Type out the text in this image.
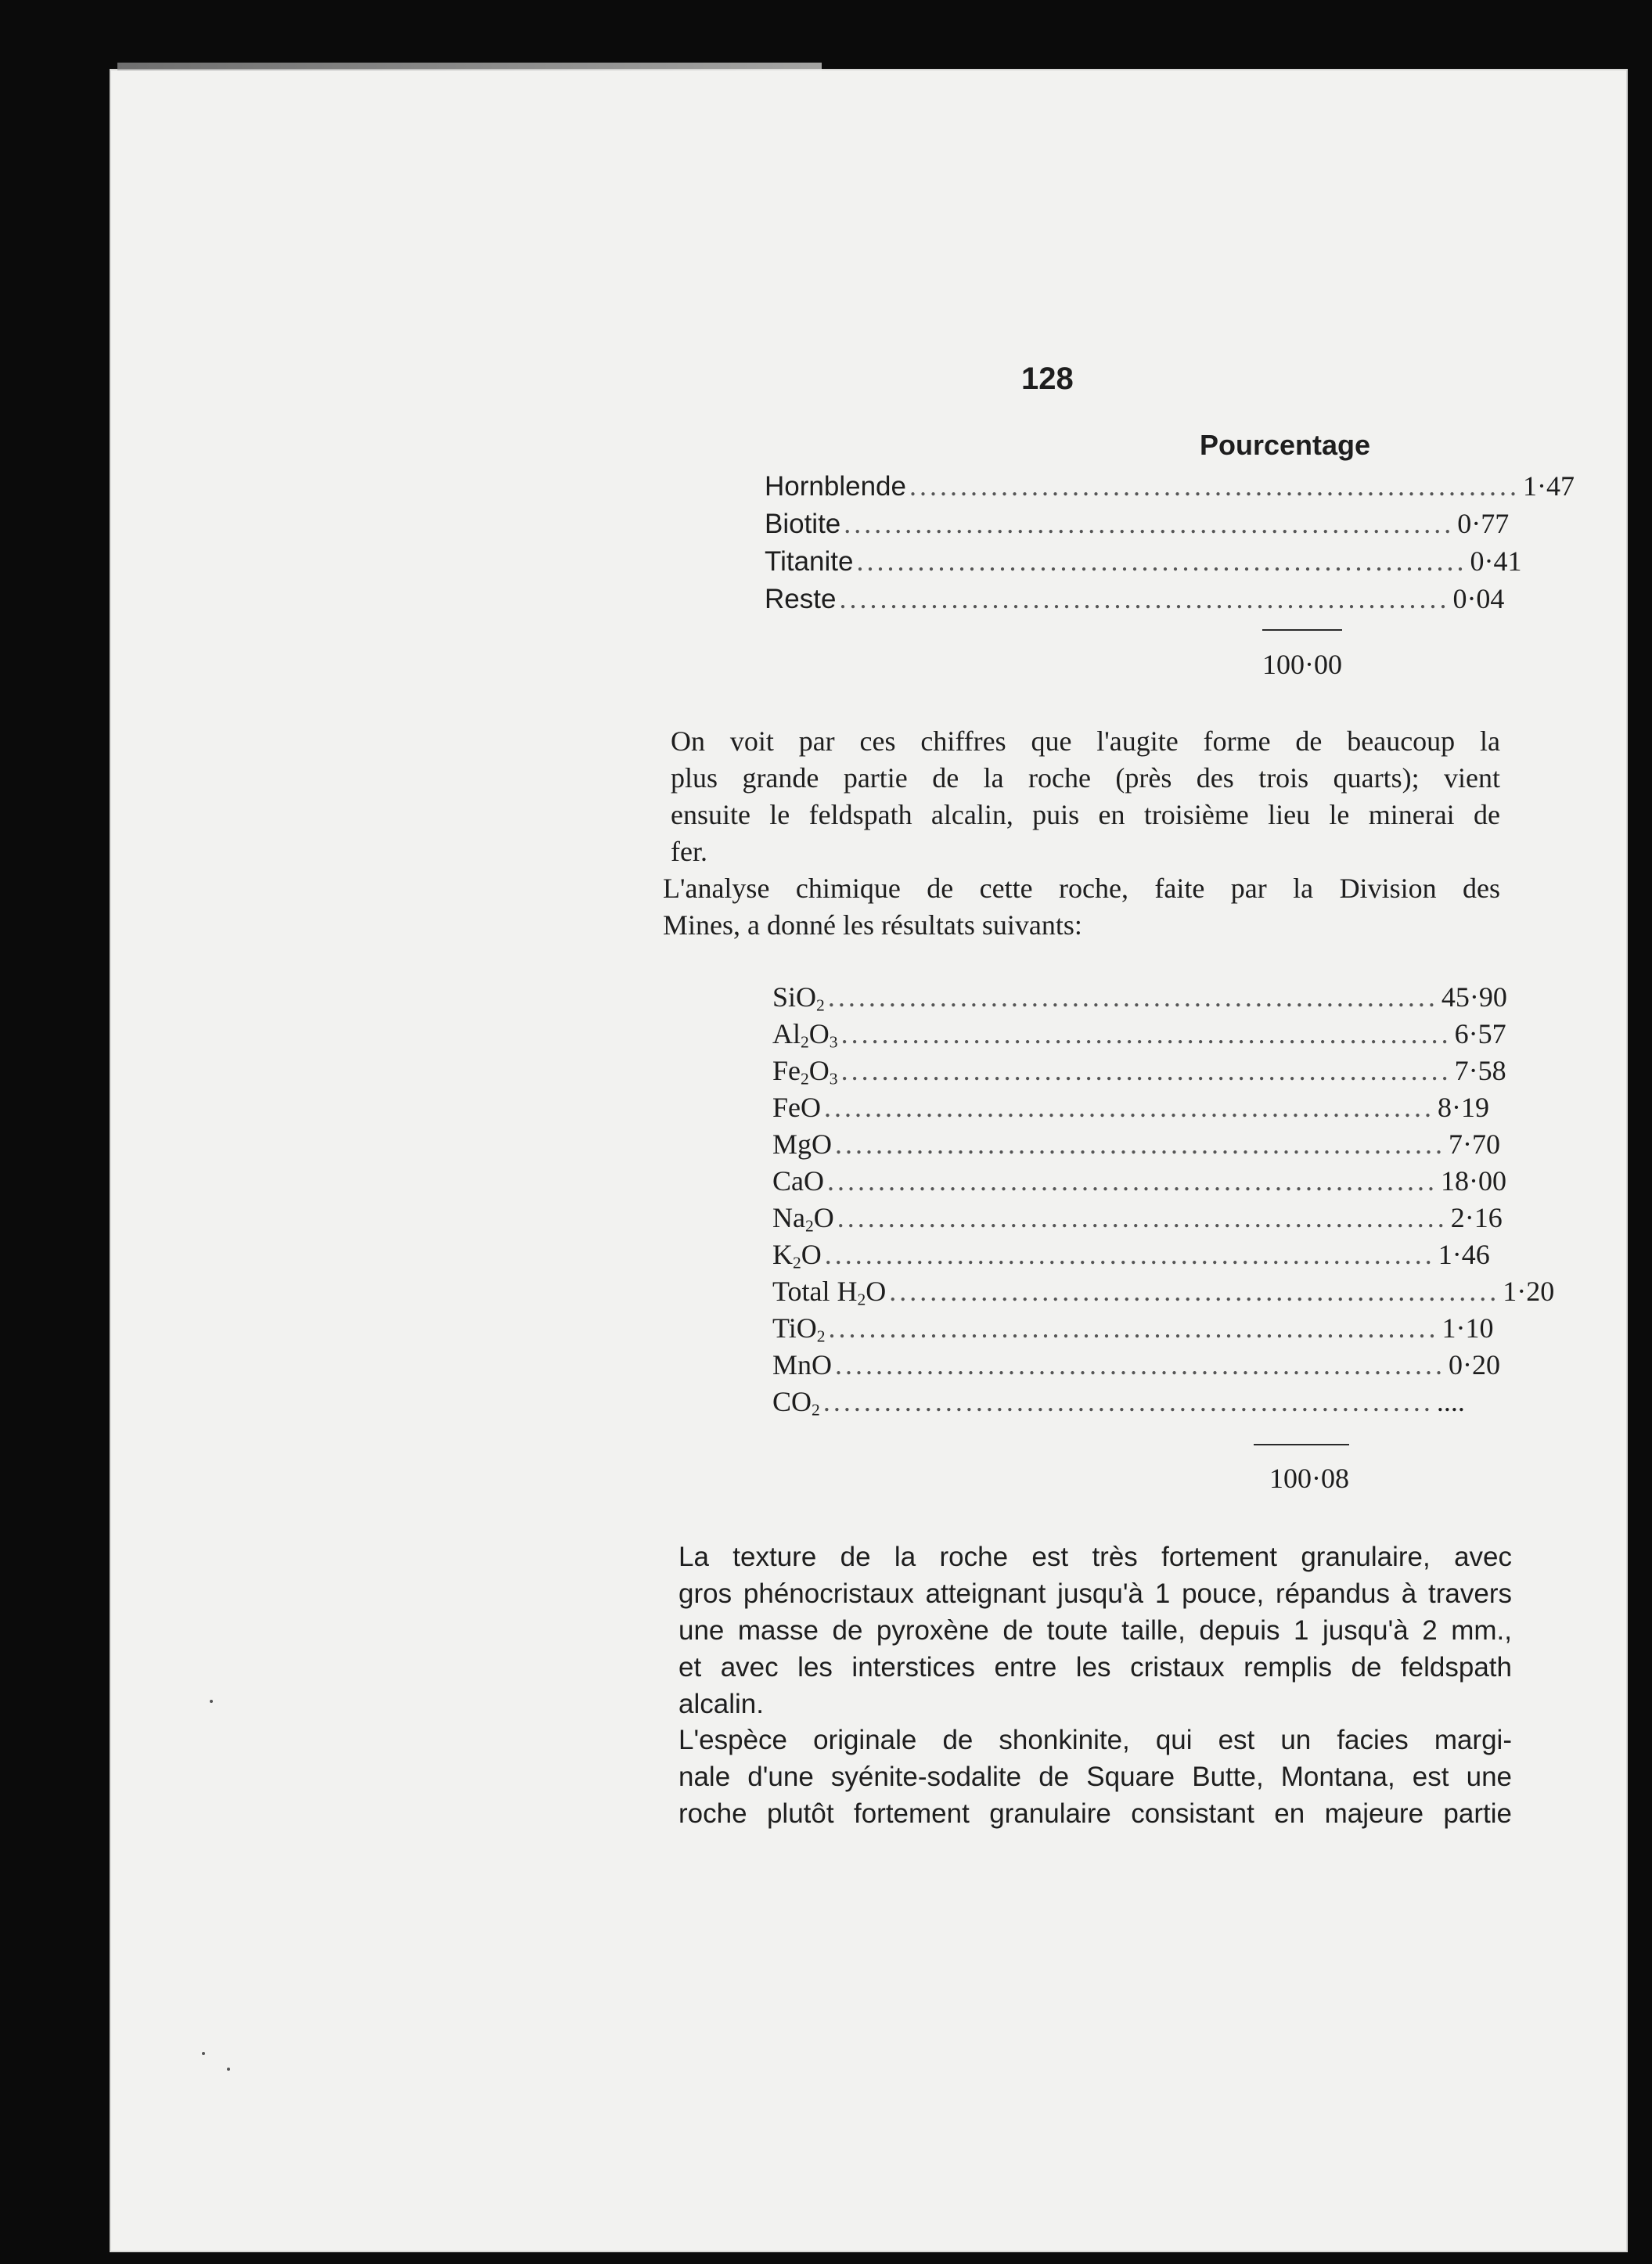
128
Pourcentage
Hornblende ............................................................ 1·47
Biotite ............................................................ 0·77
Titanite ............................................................ 0·41
Reste ............................................................ 0·04
100·00

On voit par ces chiffres que l'augite forme de beaucoup la
plus grande partie de la roche (près des trois quarts); vient
ensuite le feldspath alcalin, puis en troisième lieu le minerai de
fer.

L'analyse chimique de cette roche, faite par la Division des
Mines, a donné les résultats suivants:

SiO$_2$ ............................................................ 45·90
$Al_2O_3$ ............................................................ 6·57
$Fe_2O_3$ ............................................................ 7·58
FeO ............................................................ 8·19
MgO ............................................................ 7·70
CaO ............................................................ 18·00
$Na_2O$ ............................................................ 2·16
$K_2O$ ............................................................ 1·46
Total $H_2O$ ............................................................ 1·20
TiO$_2$ ............................................................ 1·10
MnO ............................................................ 0·20
$CO_2$ ............................................................ ....
100·08

La texture de la roche est très fortement granulaire, avec
gros phénocristaux atteignant jusqu'à 1 pouce, répandus à travers
une masse de pyroxène de toute taille, depuis 1 jusqu'à 2 mm.,
et avec les interstices entre les cristaux remplis de feldspath
alcalin.

L'espèce originale de shonkinite, qui est un facies margi-
nale d'une syénite-sodalite de Square Butte, Montana, est une
roche plutôt fortement granulaire consistant en majeure partie
